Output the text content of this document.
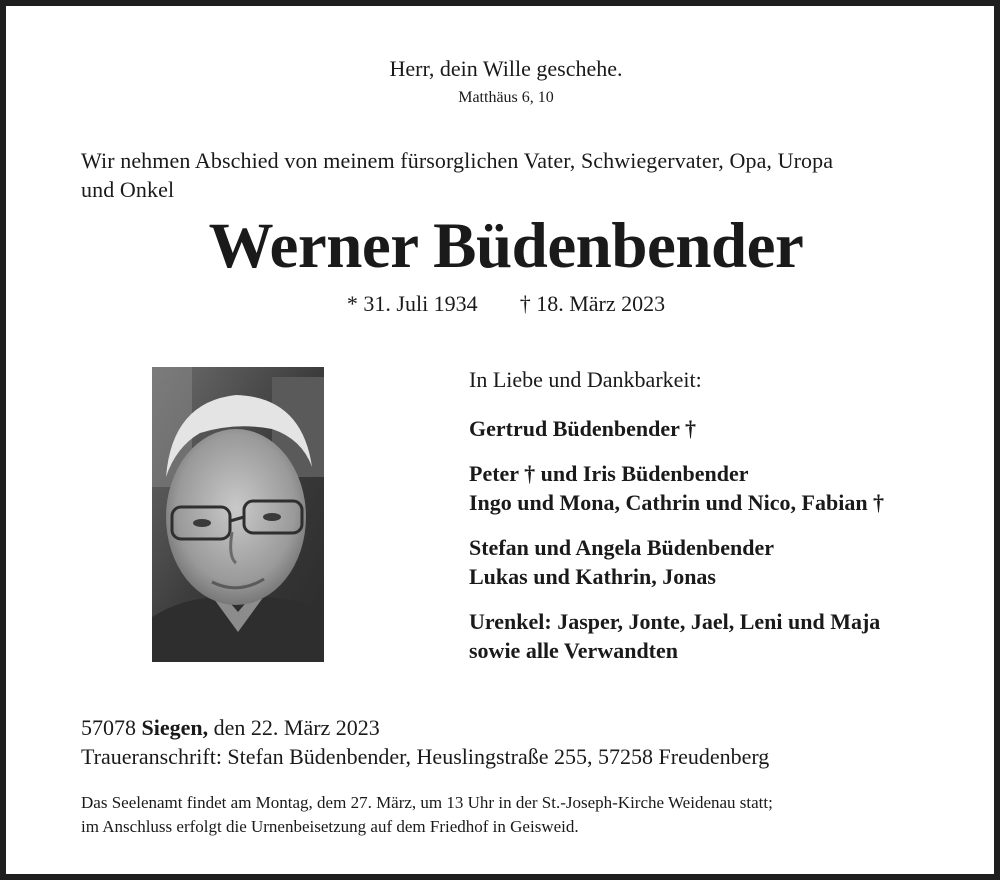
Herr, dein Wille geschehe.
Matthäus 6, 10
Wir nehmen Abschied von meinem fürsorglichen Vater, Schwiegervater, Opa, Uropa
und Onkel
Werner Büdenbender
* 31. Juli 1934 † 18. März 2023
In Liebe und Dankbarkeit:
Gertrud Büdenbender †
Peter † und Iris Büdenbender
Ingo und Mona, Cathrin und Nico, Fabian †
Stefan und Angela Büdenbender
Lukas und Kathrin, Jonas
Urenkel: Jasper, Jonte, Jael, Leni und Maja
sowie alle Verwandten
57078 Siegen, den 22. März 2023
Traueranschrift: Stefan Büdenbender, Heuslingstraße 255, 57258 Freudenberg
Das Seelenamt findet am Montag, dem 27. März, um 13 Uhr in der St.-Joseph-Kirche Weidenau statt;
im Anschluss erfolgt die Urnenbeisetzung auf dem Friedhof in Geisweid.
